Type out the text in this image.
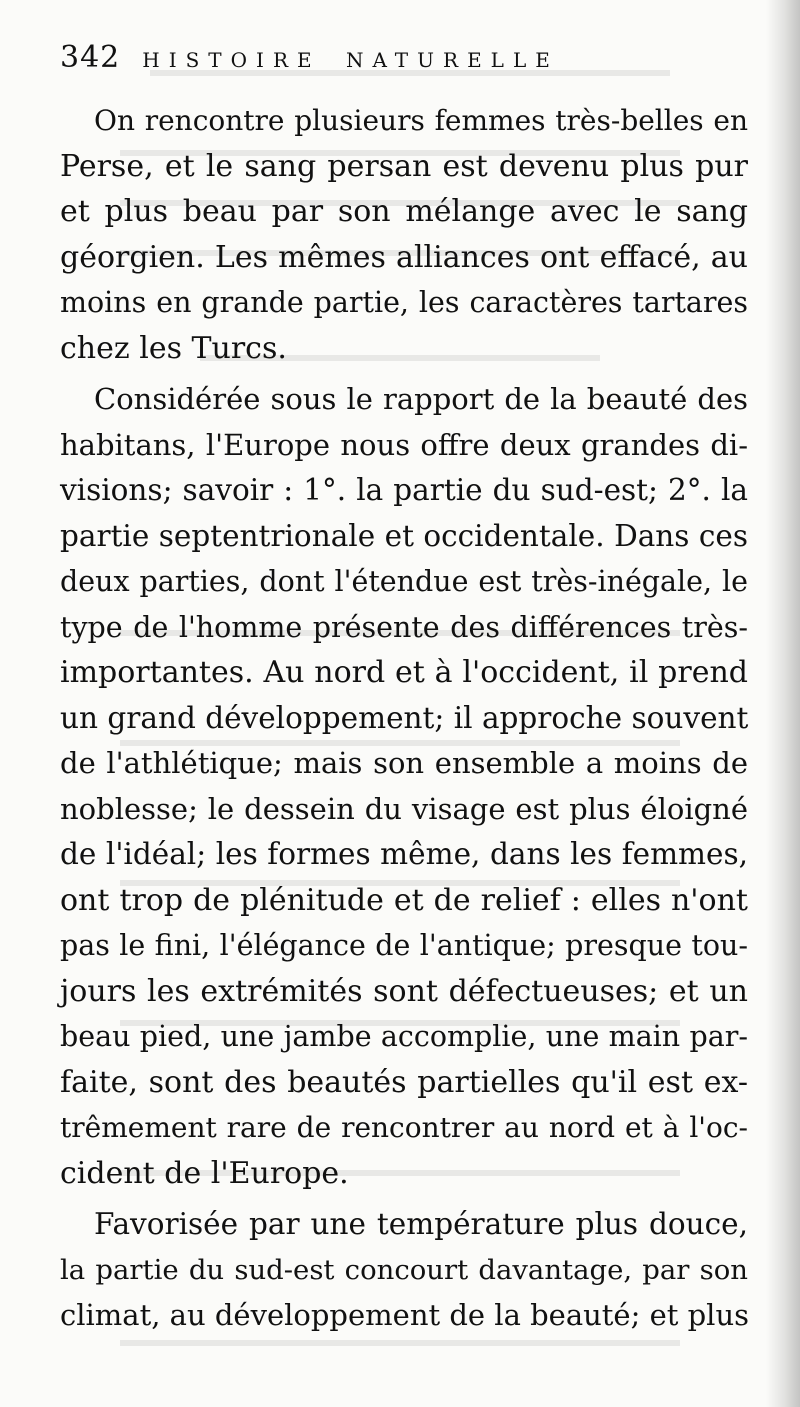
342 HISTOIRE NATURELLE
On rencontre plusieurs femmes très-belles en
Perse, et le sang persan est devenu plus pur
et plus beau par son mélange avec le sang
géorgien. Les mêmes alliances ont effacé, au
moins en grande partie, les caractères tartares
chez les Turcs.
Considérée sous le rapport de la beauté des
habitans, l'Europe nous offre deux grandes di-
visions; savoir : 1°. la partie du sud-est; 2°. la
partie septentrionale et occidentale. Dans ces
deux parties, dont l'étendue est très-inégale, le
type de l'homme présente des différences très-
importantes. Au nord et à l'occident, il prend
un grand développement; il approche souvent
de l'athlétique; mais son ensemble a moins de
noblesse; le dessein du visage est plus éloigné
de l'idéal; les formes même, dans les femmes,
ont trop de plénitude et de relief : elles n'ont
pas le fini, l'élégance de l'antique; presque tou-
jours les extrémités sont défectueuses; et un
beau pied, une jambe accomplie, une main par-
faite, sont des beautés partielles qu'il est ex-
trêmement rare de rencontrer au nord et à l'oc-
cident de l'Europe.
Favorisée par une température plus douce,
la partie du sud-est concourt davantage, par son
climat, au développement de la beauté; et plus
